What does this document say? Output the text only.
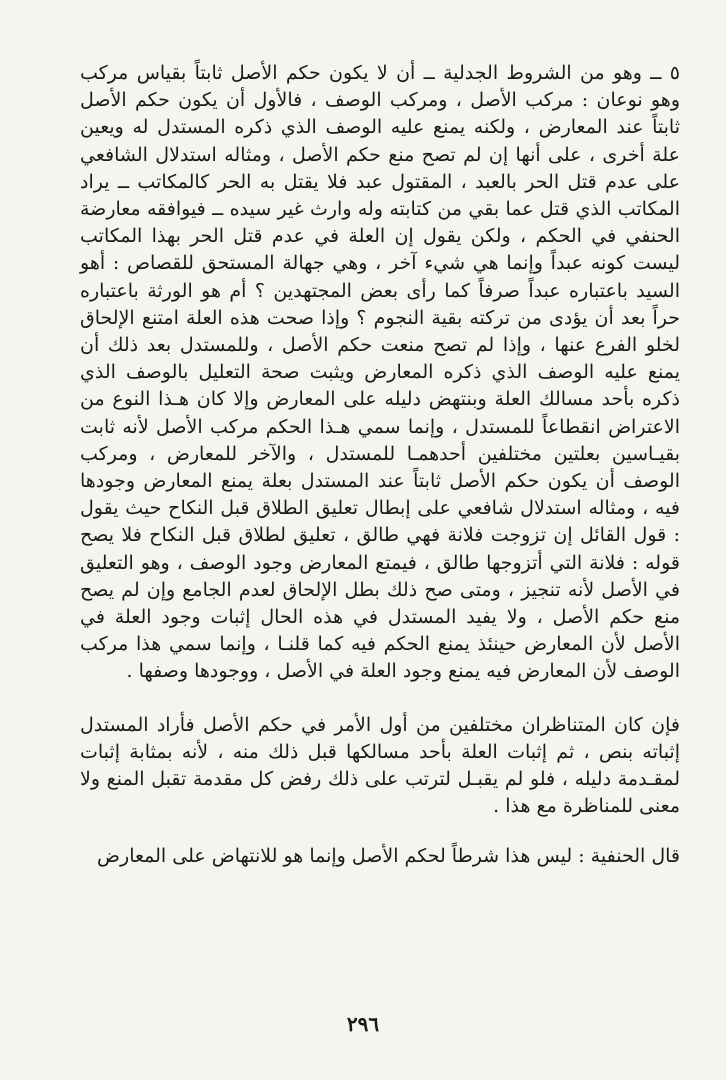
٥ ــ وهو من الشروط الجدلية ــ أن لا يكون حكم الأصل ثابتاً بقياس مركب وهو نوعان : مركب الأصل ، ومركب الوصف ، فالأول أن يكون حكم الأصل ثابتاً عند المعارض ، ولكنه يمنع عليه الوصف الذي ذكره المستدل له ويعين علة أخرى ، على أنها إن لم تصح منع حكم الأصل ، ومثاله استدلال الشافعي على عدم قتل الحر بالعبد ، المقتول عبد فلا يقتل به الحر كالمكاتب ــ يراد المكاتب الذي قتل عما بقي من كتابته وله وارث غير سيده ــ فيوافقه معارضة الحنفي في الحكم ، ولكن يقول إن العلة في عدم قتل الحر بهذا المكاتب ليست كونه عبداً وإنما هي شيء آخر ، وهي جهالة المستحق للقصاص : أهو السيد باعتباره عبداً صرفاً كما رأى بعض المجتهدين ؟ أم هو الورثة باعتباره حراً بعد أن يؤدى من تركته بقية النجوم ؟ وإذا صحت هذه العلة امتنع الإلحاق لخلو الفرع عنها ، وإذا لم تصح منعت حكم الأصل ، وللمستدل بعد ذلك أن يمنع عليه الوصف الذي ذكره المعارض ويثبت صحة التعليل بالوصف الذي ذكره بأحد مسالك العلة وبنتهض دليله على المعارض وإلا كان هـذا النوع من الاعتراض انقطاعاً للمستدل ، وإنما سمي هـذا الحكم مركب الأصل لأنه ثابت بقيـاسين بعلتين مختلفين أحدهمـا للمستدل ، والآخر للمعارض ، ومركب الوصف أن يكون حكم الأصل ثابتاً عند المستدل بعلة يمنع المعارض وجودها فيه ، ومثاله استدلال شافعي على إبطال تعليق الطلاق قبل النكاح حيث يقول : قول القائل إن تزوجت فلانة فهي طالق ، تعليق لطلاق قبل النكاح فلا يصح قوله : فلانة التي أتزوجها طالق ، فيمتع المعارض وجود الوصف ، وهو التعليق في الأصل لأنه تنجيز ، ومتى صح ذلك بطل الإلحاق لعدم الجامع وإن لم يصح منع حكم الأصل ، ولا يفيد المستدل في هذه الحال إثبات وجود العلة في الأصل لأن المعارض حينئذ يمنع الحكم فيه كما قلنـا ، وإنما سمي هذا مركب الوصف لأن المعارض فيه يمنع وجود العلة في الأصل ، ووجودها وصفها .

فإن كان المتناظران مختلفين من أول الأمر في حكم الأصل فأراد المستدل إثباته بنص ، ثم إثبات العلة بأحد مسالكها قبل ذلك منه ، لأنه بمثابة إثبات لمقـدمة دليله ، فلو لم يقبـل لترتب على ذلك رفض كل مقدمة تقبل المنع ولا معنى للمناظرة مع هذا .

قال الحنفية : ليس هذا شرطاً لحكم الأصل وإنما هو للانتهاض على المعارض

٢٩٦
